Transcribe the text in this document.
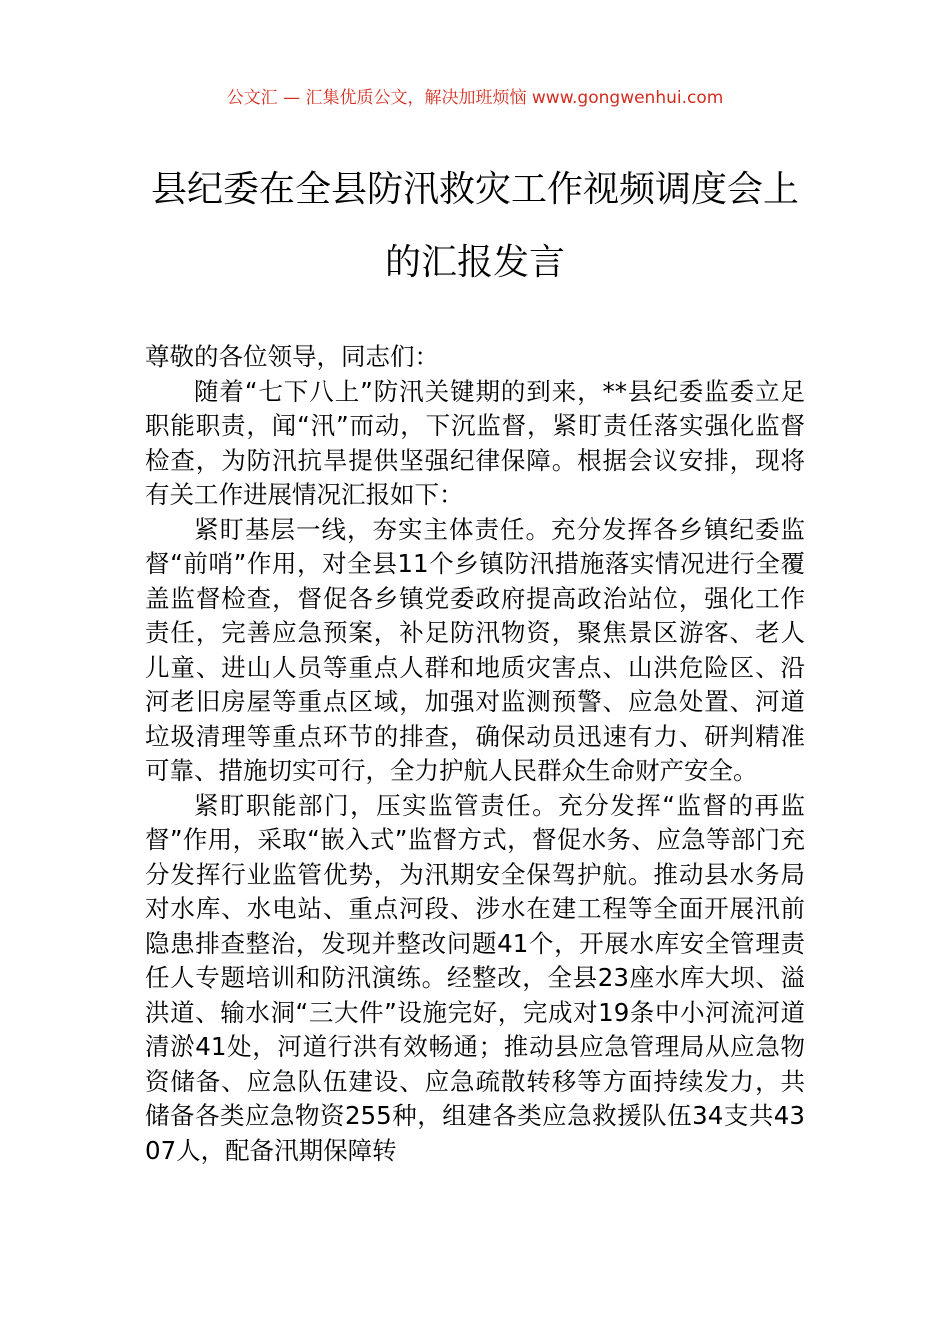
公文汇 — 汇集优质公文，解决加班烦恼 www.gongwenhui.com
县纪委在全县防汛救灾工作视频调度会上的汇报发言

尊敬的各位领导，同志们：

随着“七下八上”防汛关键期的到来，**县纪委监委立足职能职责，闻“汛”而动，下沉监督，紧盯责任落实强化监督检查，为防汛抗旱提供坚强纪律保障。根据会议安排，现将有关工作进展情况汇报如下：

紧盯基层一线，夯实主体责任。充分发挥各乡镇纪委监督“前哨”作用，对全县11个乡镇防汛措施落实情况进行全覆盖监督检查，督促各乡镇党委政府提高政治站位，强化工作责任，完善应急预案，补足防汛物资，聚焦景区游客、老人儿童、进山人员等重点人群和地质灾害点、山洪危险区、沿河老旧房屋等重点区域，加强对监测预警、应急处置、河道垃圾清理等重点环节的排查，确保动员迅速有力、研判精准可靠、措施切实可行，全力护航人民群众生命财产安全。

紧盯职能部门，压实监管责任。充分发挥“监督的再监督”作用，采取“嵌入式”监督方式，督促水务、应急等部门充分发挥行业监管优势，为汛期安全保驾护航。推动县水务局对水库、水电站、重点河段、涉水在建工程等全面开展汛前隐患排查整治，发现并整改问题41个，开展水库安全管理责任人专题培训和防汛演练。经整改，全县23座水库大坝、溢洪道、输水洞“三大件”设施完好，完成对19条中小河流河道清淤41处，河道行洪有效畅通；推动县应急管理局从应急物资储备、应急队伍建设、应急疏散转移等方面持续发力，共储备各类应急物资255种，组建各类应急救援队伍34支共4307人，配备汛期保障转
